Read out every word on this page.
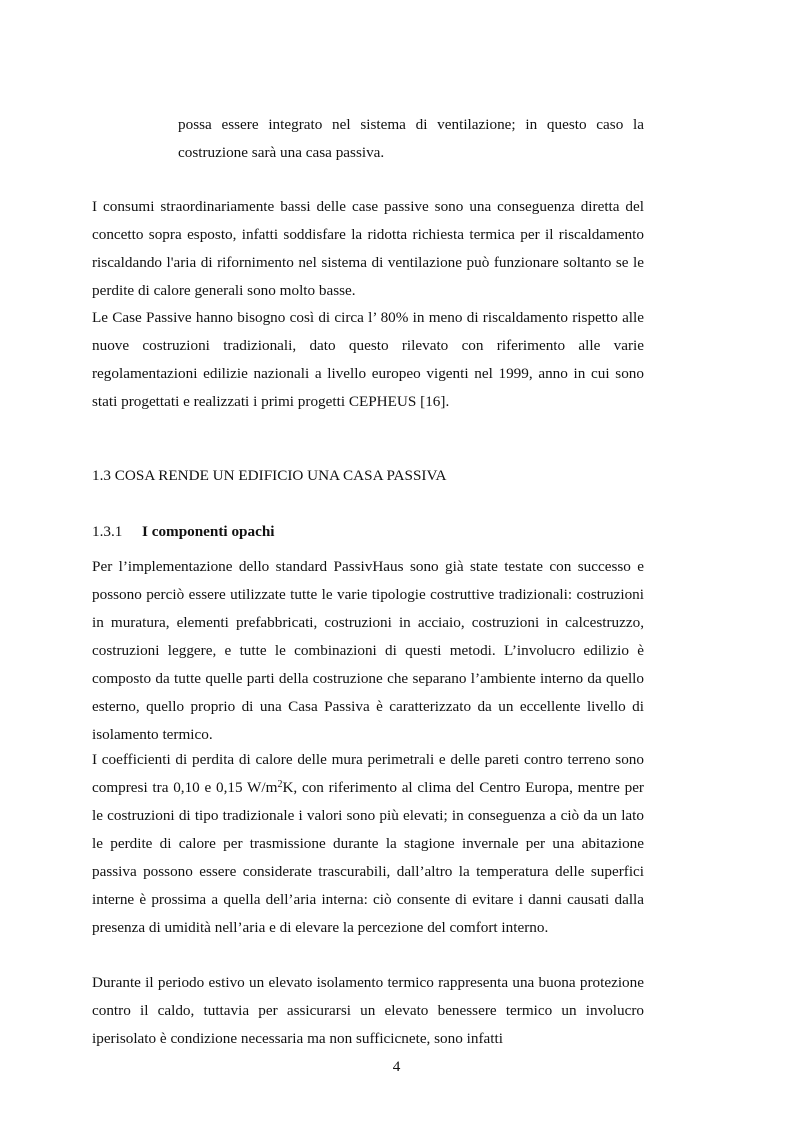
possa essere integrato nel sistema di ventilazione; in questo caso la costruzione sarà una casa passiva.

I consumi straordinariamente bassi delle case passive sono una conseguenza diretta del concetto sopra esposto, infatti soddisfare la ridotta richiesta termica per il riscaldamento riscaldando l'aria di rifornimento nel sistema di ventilazione può funzionare soltanto se le perdite di calore generali sono molto basse.

Le Case Passive hanno bisogno così di circa l’ 80% in meno di riscaldamento rispetto alle nuove costruzioni tradizionali, dato questo rilevato con riferimento alle varie regolamentazioni edilizie nazionali a livello europeo vigenti nel 1999, anno in cui sono stati progettati e realizzati i primi progetti CEPHEUS [16].

1.3 COSA RENDE UN EDIFICIO UNA CASA PASSIVA
1.3.1 I componenti opachi

Per l’implementazione dello standard PassivHaus sono già state testate con successo e possono perciò essere utilizzate tutte le varie tipologie costruttive tradizionali: costruzioni in muratura, elementi prefabbricati, costruzioni in acciaio, costruzioni in calcestruzzo, costruzioni leggere, e tutte le combinazioni di questi metodi. L’involucro edilizio è composto da tutte quelle parti della costruzione che separano l’ambiente interno da quello esterno, quello proprio di una Casa Passiva è caratterizzato da un eccellente livello di isolamento termico.

I coefficienti di perdita di calore delle mura perimetrali e delle pareti contro terreno sono compresi tra 0,10 e 0,15 $W/m^2K$, con riferimento al clima del Centro Europa, mentre per le costruzioni di tipo tradizionale i valori sono più elevati; in conseguenza a ciò da un lato le perdite di calore per trasmissione durante la stagione invernale per una abitazione passiva possono essere considerate trascurabili, dall’altro la temperatura delle superfici interne è prossima a quella dell’aria interna: ciò consente di evitare i danni causati dalla presenza di umidità nell’aria e di elevare la percezione del comfort interno.

Durante il periodo estivo un elevato isolamento termico rappresenta una buona protezione contro il caldo, tuttavia per assicurarsi un elevato benessere termico un involucro iperisolato è condizione necessaria ma non sufficicnete, sono infatti

4
